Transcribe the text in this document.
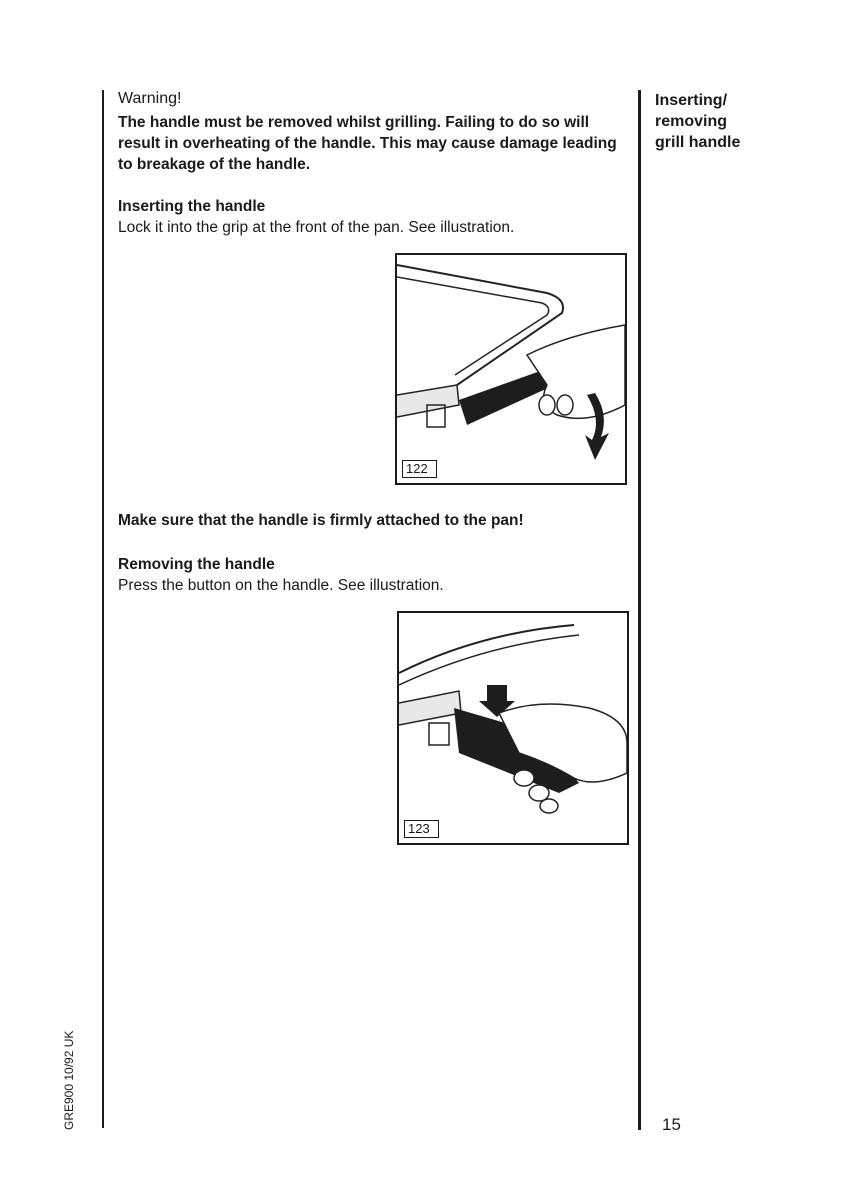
Warning!
The handle must be removed whilst grilling. Failing to do so will result in overheating of the handle. This may cause damage leading to breakage of the handle.
Inserting the handle
Lock it into the grip at the front of the pan. See illustration.
122
Make sure that the handle is firmly attached to the pan!
Removing the handle
Press the button on the handle. See illustration.
123
Inserting/
removing
grill handle
GRE900 10/92 UK	15
